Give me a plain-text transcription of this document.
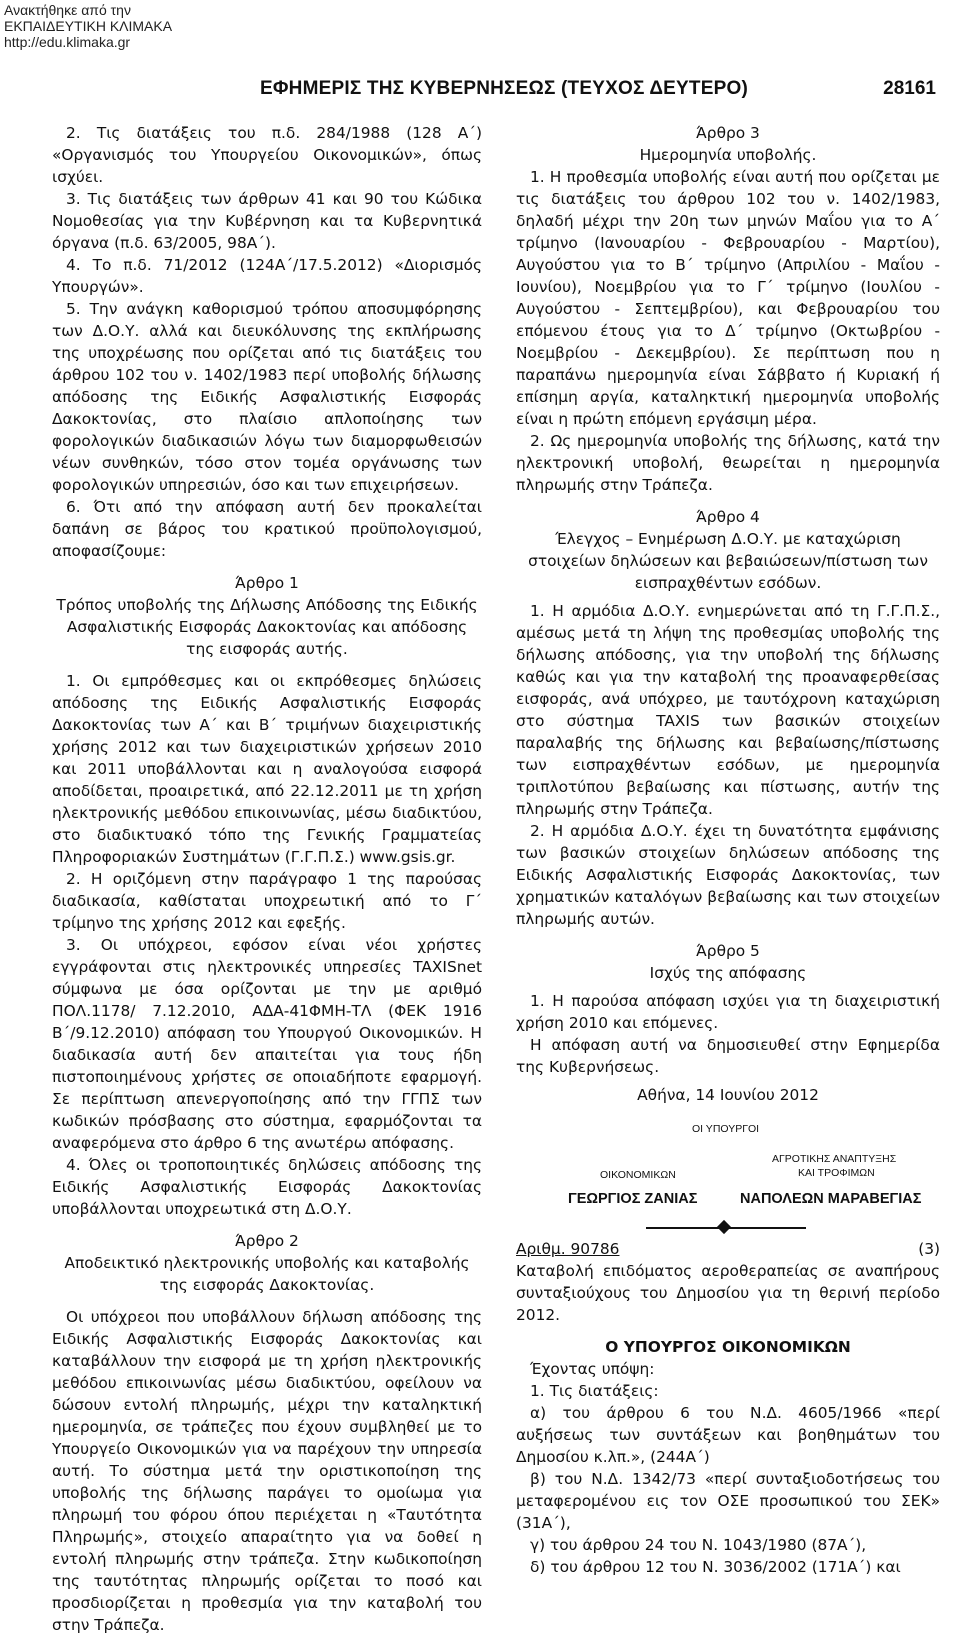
Ανακτήθηκε από την
ΕΚΠΑΙΔΕΥΤΙΚΗ ΚΛΙΜΑΚΑ
http://edu.klimaka.gr
ΕΦΗΜΕΡΙΣ ΤΗΣ ΚΥΒΕΡΝΗΣΕΩΣ (ΤΕΥΧΟΣ ΔΕΥΤΕΡΟ)	28161

2. Τις διατάξεις του π.δ. 284/1988 (128 Α΄) «Οργανισμός του Υπουργείου Οικονομικών», όπως ισχύει.

3. Τις διατάξεις των άρθρων 41 και 90 του Κώδικα Νομοθεσίας για την Κυβέρνηση και τα Κυβερνητικά όργανα (π.δ. 63/2005, 98Α΄).

4. Το π.δ. 71/2012 (124Α΄/17.5.2012) «Διορισμός Υπουργών».

5. Την ανάγκη καθορισμού τρόπου αποσυμφόρησης των Δ.Ο.Υ. αλλά και διευκόλυνσης της εκπλήρωσης της υποχρέωσης που ορίζεται από τις διατάξεις του άρθρου 102 του ν. 1402/1983 περί υποβολής δήλωσης απόδοσης της Ειδικής Ασφαλιστικής Εισφοράς Δακοκτονίας, στο πλαίσιο απλοποίησης των φορολογικών διαδικασιών λόγω των διαμορφωθεισών νέων συνθηκών, τόσο στον τομέα οργάνωσης των φορολογικών υπηρεσιών, όσο και των επιχειρήσεων.

6. Ότι από την απόφαση αυτή δεν προκαλείται δαπάνη σε βάρος του κρατικού προϋπολογισμού, αποφασίζουμε:

Άρθρο 1

Τρόπος υποβολής της Δήλωσης Απόδοσης της Ειδικής Ασφαλιστικής Εισφοράς Δακοκτονίας και απόδοσης της εισφοράς αυτής.

1. Οι εμπρόθεσμες και οι εκπρόθεσμες δηλώσεις απόδοσης της Ειδικής Ασφαλιστικής Εισφοράς Δακοκτονίας των Α΄ και Β΄ τριμήνων διαχειριστικής χρήσης 2012 και των διαχειριστικών χρήσεων 2010 και 2011 υποβάλλονται και η αναλογούσα εισφορά αποδίδεται, προαιρετικά, από 22.12.2011 με τη χρήση ηλεκτρονικής μεθόδου επικοινωνίας, μέσω διαδικτύου, στο διαδικτυακό τόπο της Γενικής Γραμματείας Πληροφοριακών Συστημάτων (Γ.Γ.Π.Σ.) www.gsis.gr.

2. Η οριζόμενη στην παράγραφο 1 της παρούσας διαδικασία, καθίσταται υποχρεωτική από το Γ΄ τρίμηνο της χρήσης 2012 και εφεξής.

3. Οι υπόχρεοι, εφόσον είναι νέοι χρήστες εγγράφονται στις ηλεκτρονικές υπηρεσίες TAXISnet σύμφωνα με όσα ορίζονται με την με αριθμό ΠΟΛ.1178/ 7.12.2010, ΑΔΑ-41ΦΜΗ-ΤΛ (ΦΕΚ 1916 Β΄/9.12.2010) απόφαση του Υπουργού Οικονομικών. Η διαδικασία αυτή δεν απαιτείται για τους ήδη πιστοποιημένους χρήστες σε οποιαδήποτε εφαρμογή. Σε περίπτωση απενεργοποίησης από την ΓΓΠΣ των κωδικών πρόσβασης στο σύστημα, εφαρμόζονται τα αναφερόμενα στο άρθρο 6 της ανωτέρω απόφασης.

4. Όλες οι τροποποιητικές δηλώσεις απόδοσης της Ειδικής Ασφαλιστικής Εισφοράς Δακοκτονίας υποβάλλονται υποχρεωτικά στη Δ.Ο.Υ.

Άρθρο 2

Αποδεικτικό ηλεκτρονικής υποβολής και καταβολής της εισφοράς Δακοκτονίας.

Οι υπόχρεοι που υποβάλλουν δήλωση απόδοσης της Ειδικής Ασφαλιστικής Εισφοράς Δακοκτονίας και καταβάλλουν την εισφορά με τη χρήση ηλεκτρονικής μεθόδου επικοινωνίας μέσω διαδικτύου, οφείλουν να δώσουν εντολή πληρωμής, μέχρι την καταληκτική ημερομηνία, σε τράπεζες που έχουν συμβληθεί με το Υπουργείο Οικονομικών για να παρέχουν την υπηρεσία αυτή. Το σύστημα μετά την οριστικοποίηση της υποβολής της δήλωσης παράγει το ομοίωμα για πληρωμή του φόρου όπου περιέχεται η «Ταυτότητα Πληρωμής», στοιχείο απαραίτητο για να δοθεί η εντολή πληρωμής στην τράπεζα. Στην κωδικοποίηση της ταυτότητας πληρωμής ορίζεται το ποσό και προσδιορίζεται η προθεσμία για την καταβολή του στην Τράπεζα.

Άρθρο 3

Ημερομηνία υποβολής.

1. Η προθεσμία υποβολής είναι αυτή που ορίζεται με τις διατάξεις του άρθρου 102 του ν. 1402/1983, δηλαδή μέχρι την 20η των μηνών Μαΐου για το Α΄ τρίμηνο (Ιανουαρίου - Φεβρουαρίου - Μαρτίου), Αυγούστου για το Β΄ τρίμηνο (Απριλίου - Μαΐου - Ιουνίου), Νοεμβρίου για το Γ΄ τρίμηνο (Ιουλίου - Αυγούστου - Σεπτεμβρίου), και Φεβρουαρίου του επόμενου έτους για το Δ΄ τρίμηνο (Οκτωβρίου - Νοεμβρίου - Δεκεμβρίου). Σε περίπτωση που η παραπάνω ημερομηνία είναι Σάββατο ή Κυριακή ή επίσημη αργία, καταληκτική ημερομηνία υποβολής είναι η πρώτη επόμενη εργάσιμη μέρα.

2. Ως ημερομηνία υποβολής της δήλωσης, κατά την ηλεκτρονική υποβολή, θεωρείται η ημερομηνία πληρωμής στην Τράπεζα.

Άρθρο 4

Έλεγχος – Ενημέρωση Δ.Ο.Υ. με καταχώριση στοιχείων δηλώσεων και βεβαιώσεων/πίστωση των εισπραχθέντων εσόδων.

1. Η αρμόδια Δ.Ο.Υ. ενημερώνεται από τη Γ.Γ.Π.Σ., αμέσως μετά τη λήψη της προθεσμίας υποβολής της δήλωσης απόδοσης, για την υποβολή της δήλωσης καθώς και για την καταβολή της προαναφερθείσας εισφοράς, ανά υπόχρεο, με ταυτόχρονη καταχώριση στο σύστημα TAXIS των βασικών στοιχείων παραλαβής της δήλωσης και βεβαίωσης/πίστωσης των εισπραχθέντων εσόδων, με ημερομηνία τριπλοτύπου βεβαίωσης και πίστωσης, αυτήν της πληρωμής στην Τράπεζα.

2. Η αρμόδια Δ.Ο.Υ. έχει τη δυνατότητα εμφάνισης των βασικών στοιχείων δηλώσεων απόδοσης της Ειδικής Ασφαλιστικής Εισφοράς Δακοκτονίας, των χρηματικών καταλόγων βεβαίωσης και των στοιχείων πληρωμής αυτών.

Άρθρο 5

Ισχύς της απόφασης

1. Η παρούσα απόφαση ισχύει για τη διαχειριστική χρήση 2010 και επόμενες.

Η απόφαση αυτή να δημοσιευθεί στην Εφημερίδα της Κυβερνήσεως.

Αθήνα, 14 Ιουνίου 2012

ΟΙ ΥΠΟΥΡΓΟΙ
ΑΓΡΟΤΙΚΗΣ ΑΝΑΠΤΥΞΗΣ
ΚΑΙ ΤΡΟΦΙΜΩΝ
ΟΙΚΟΝΟΜΙΚΩΝ
ΓΕΩΡΓΙΟΣ ΖΑΝΙΑΣ	ΝΑΠΟΛΕΩΝ ΜΑΡΑΒΕΓΙΑΣ
Αριθμ. 90786	(3)

Καταβολή επιδόματος αεροθεραπείας σε αναπήρους συνταξιούχους του Δημοσίου για τη θερινή περίοδο 2012.

Ο ΥΠΟΥΡΓΟΣ ΟΙΚΟΝΟΜΙΚΩΝ

Έχοντας υπόψη:

1. Τις διατάξεις:

α) του άρθρου 6 του Ν.Δ. 4605/1966 «περί αυξήσεως των συντάξεων και βοηθημάτων του Δημοσίου κ.λπ.», (244Α΄)

β) του Ν.Δ. 1342/73 «περί συνταξιοδοτήσεως του μεταφερομένου εις τον ΟΣΕ προσωπικού του ΣΕΚ» (31Α΄),

γ) του άρθρου 24 του Ν. 1043/1980 (87Α΄),

δ) του άρθρου 12 του Ν. 3036/2002 (171Α΄) και
